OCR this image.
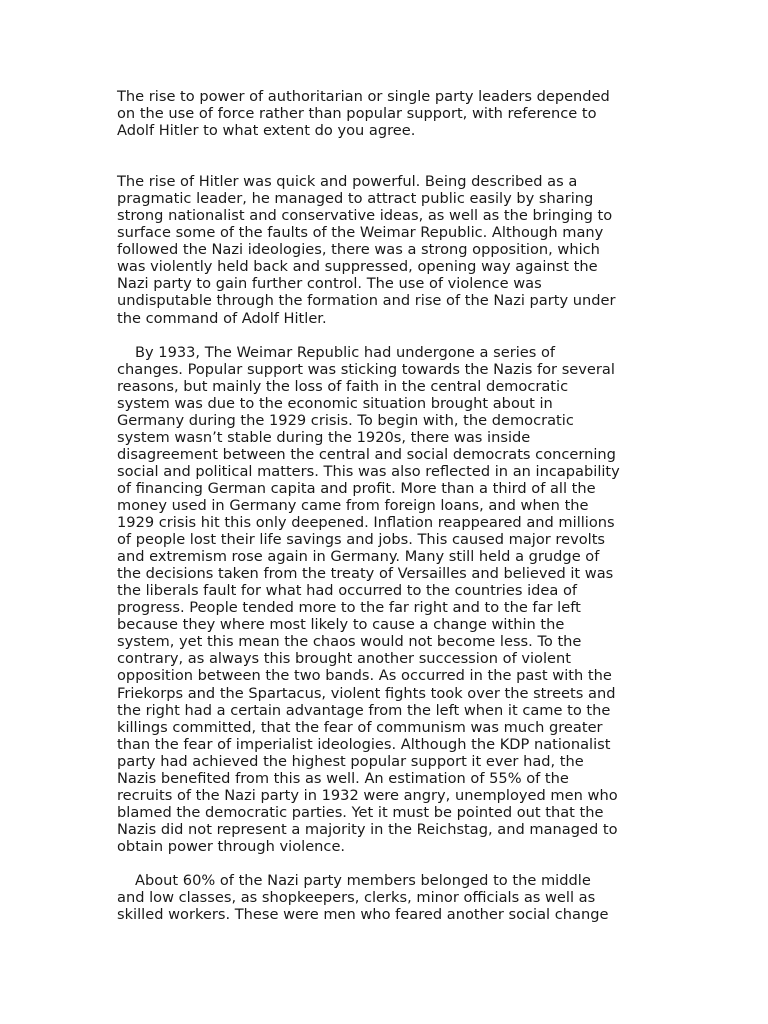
The rise to power of authoritarian or single party leaders depended
on the use of force rather than popular support, with reference to
Adolf Hitler to what extent do you agree.

The rise of Hitler was quick and powerful. Being described as a
pragmatic leader, he managed to attract public easily by sharing
strong nationalist and conservative ideas, as well as the bringing to
surface some of the faults of the Weimar Republic. Although many
followed the Nazi ideologies, there was a strong opposition, which
was violently held back and suppressed, opening way against the
Nazi party to gain further control. The use of violence was
undisputable through the formation and rise of the Nazi party under
the command of Adolf Hitler.

By 1933, The Weimar Republic had undergone a series of
changes. Popular support was sticking towards the Nazis for several
reasons, but mainly the loss of faith in the central democratic
system was due to the economic situation brought about in
Germany during the 1929 crisis. To begin with, the democratic
system wasn’t stable during the 1920s, there was inside
disagreement between the central and social democrats concerning
social and political matters. This was also reflected in an incapability
of financing German capita and profit. More than a third of all the
money used in Germany came from foreign loans, and when the
1929 crisis hit this only deepened. Inflation reappeared and millions
of people lost their life savings and jobs. This caused major revolts
and extremism rose again in Germany. Many still held a grudge of
the decisions taken from the treaty of Versailles and believed it was
the liberals fault for what had occurred to the countries idea of
progress. People tended more to the far right and to the far left
because they where most likely to cause a change within the
system, yet this mean the chaos would not become less. To the
contrary, as always this brought another succession of violent
opposition between the two bands. As occurred in the past with the
Friekorps and the Spartacus, violent fights took over the streets and
the right had a certain advantage from the left when it came to the
killings committed, that the fear of communism was much greater
than the fear of imperialist ideologies. Although the KDP nationalist
party had achieved the highest popular support it ever had, the
Nazis benefited from this as well. An estimation of 55% of the
recruits of the Nazi party in 1932 were angry, unemployed men who
blamed the democratic parties. Yet it must be pointed out that the
Nazis did not represent a majority in the Reichstag, and managed to
obtain power through violence.

About 60% of the Nazi party members belonged to the middle
and low classes, as shopkeepers, clerks, minor officials as well as
skilled workers. These were men who feared another social change
